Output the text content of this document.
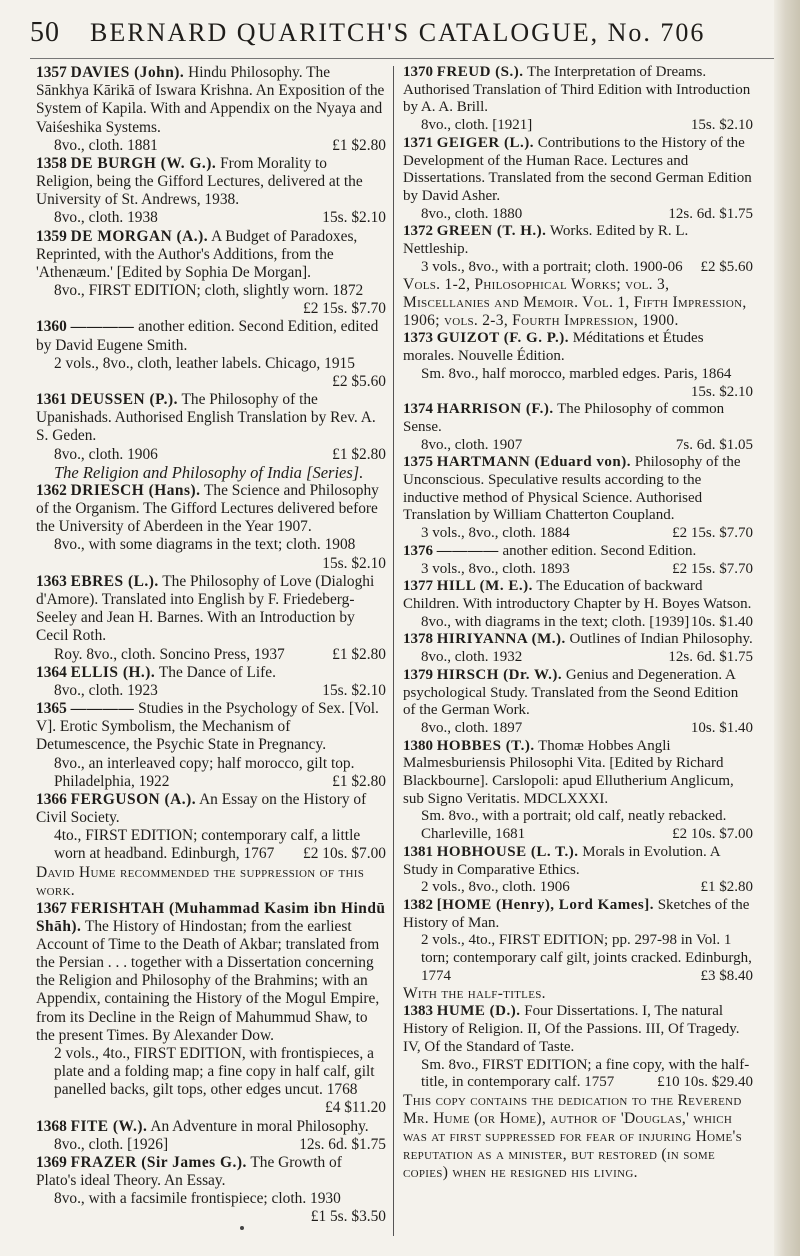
50 BERNARD QUARITCH'S CATALOGUE, No. 706
1357 DAVIES (John). Hindu Philosophy. The Sānkhya Kārikā of Iswara Krishna. An Exposition of the System of Kapila. With and Appendix on the Nyaya and Vaiśeshika Systems.
8vo., cloth. 1881	£1 $2.80
1358 DE BURGH (W. G.). From Morality to Religion, being the Gifford Lectures, delivered at the University of St. Andrews, 1938.
8vo., cloth. 1938	15s. $2.10
1359 DE MORGAN (A.). A Budget of Paradoxes, Reprinted, with the Author's Additions, from the 'Athenæum.' [Edited by Sophia De Morgan].
8vo., FIRST EDITION; cloth, slightly worn. 1872
£2 15s. $7.70
1360 ———— another edition. Second Edition, edited by David Eugene Smith.
2 vols., 8vo., cloth, leather labels. Chicago, 1915
£2 $5.60
1361 DEUSSEN (P.). The Philosophy of the Upanishads. Authorised English Translation by Rev. A. S. Geden.
8vo., cloth. 1906	£1 $2.80
The Religion and Philosophy of India [Series].
1362 DRIESCH (Hans). The Science and Philosophy of the Organism. The Gifford Lectures delivered before the University of Aberdeen in the Year 1907.
8vo., with some diagrams in the text; cloth. 1908
15s. $2.10
1363 EBRES (L.). The Philosophy of Love (Dialoghi d'Amore). Translated into English by F. Friedeberg-Seeley and Jean H. Barnes. With an Introduction by Cecil Roth.
Roy. 8vo., cloth. Soncino Press, 1937	£1 $2.80
1364 ELLIS (H.). The Dance of Life.
8vo., cloth. 1923	15s. $2.10
1365 ———— Studies in the Psychology of Sex. [Vol. V]. Erotic Symbolism, the Mechanism of Detumescence, the Psychic State in Pregnancy.
8vo., an interleaved copy; half morocco, gilt top. Philadelphia, 1922	£1 $2.80
1366 FERGUSON (A.). An Essay on the History of Civil Society.
4to., FIRST EDITION; contemporary calf, a little worn at headband. Edinburgh, 1767 £2 10s. $7.00
David Hume recommended the suppression of this work.
1367 FERISHTAH (Muhammad Kasim ibn Hindū Shāh). The History of Hindostan; from the earliest Account of Time to the Death of Akbar; translated from the Persian . . . together with a Dissertation concerning the Religion and Philosophy of the Brahmins; with an Appendix, containing the History of the Mogul Empire, from its Decline in the Reign of Mahummud Shaw, to the present Times. By Alexander Dow.
2 vols., 4to., FIRST EDITION, with frontispieces, a plate and a folding map; a fine copy in half calf, gilt panelled backs, gilt tops, other edges uncut. 1768
£4 $11.20
1368 FITE (W.). An Adventure in moral Philosophy.
8vo., cloth. [1926]	12s. 6d. $1.75
1369 FRAZER (Sir James G.). The Growth of Plato's ideal Theory. An Essay.
8vo., with a facsimile frontispiece; cloth. 1930
£1 5s. $3.50
1370 FREUD (S.). The Interpretation of Dreams. Authorised Translation of Third Edition with Introduction by A. A. Brill.
8vo., cloth. [1921]	15s. $2.10
1371 GEIGER (L.). Contributions to the History of the Development of the Human Race. Lectures and Dissertations. Translated from the second German Edition by David Asher.
8vo., cloth. 1880	12s. 6d. $1.75
1372 GREEN (T. H.). Works. Edited by R. L. Nettleship.
3 vols., 8vo., with a portrait; cloth. 1900-06 £2 $5.60
Vols. 1-2, Philosophical Works; vol. 3, Miscellanies and Memoir. Vol. 1, Fifth Impression, 1906; vols. 2-3, Fourth Impression, 1900.
1373 GUIZOT (F. G. P.). Méditations et Études morales. Nouvelle Édition.
Sm. 8vo., half morocco, marbled edges. Paris, 1864
15s. $2.10
1374 HARRISON (F.). The Philosophy of common Sense.
8vo., cloth. 1907	7s. 6d. $1.05
1375 HARTMANN (Eduard von). Philosophy of the Unconscious. Speculative results according to the inductive method of Physical Science. Authorised Translation by William Chatterton Coupland.
3 vols., 8vo., cloth. 1884	£2 15s. $7.70
1376 ———— another edition. Second Edition.
3 vols., 8vo., cloth. 1893	£2 15s. $7.70
1377 HILL (M. E.). The Education of backward Children. With introductory Chapter by H. Boyes Watson.
8vo., with diagrams in the text; cloth. [1939] 10s. $1.40
1378 HIRIYANNA (M.). Outlines of Indian Philosophy.
8vo., cloth. 1932	12s. 6d. $1.75
1379 HIRSCH (Dr. W.). Genius and Degeneration. A psychological Study. Translated from the Seond Edition of the German Work.
8vo., cloth. 1897	10s. $1.40
1380 HOBBES (T.). Thomæ Hobbes Angli Malmesburiensis Philosophi Vita. [Edited by Richard Blackbourne]. Carslopoli: apud Ellutherium Anglicum, sub Signo Veritatis. MDCLXXXI.
Sm. 8vo., with a portrait; old calf, neatly rebacked. Charleville, 1681	£2 10s. $7.00
1381 HOBHOUSE (L. T.). Morals in Evolution. A Study in Comparative Ethics.
2 vols., 8vo., cloth. 1906	£1 $2.80
1382 [HOME (Henry), Lord Kames]. Sketches of the History of Man.
2 vols., 4to., FIRST EDITION; pp. 297-98 in Vol. 1 torn; contemporary calf gilt, joints cracked. Edinburgh, 1774	£3 $8.40
With the half-titles.
1383 HUME (D.). Four Dissertations. I, The natural History of Religion. II, Of the Passions. III, Of Tragedy. IV, Of the Standard of Taste.
Sm. 8vo., FIRST EDITION; a fine copy, with the half-title, in contemporary calf. 1757	£10 10s. $29.40
This copy contains the dedication to the Reverend Mr. Hume (or Home), author of 'Douglas,' which was at first suppressed for fear of injuring Home's reputation as a minister, but restored (in some copies) when he resigned his living.
